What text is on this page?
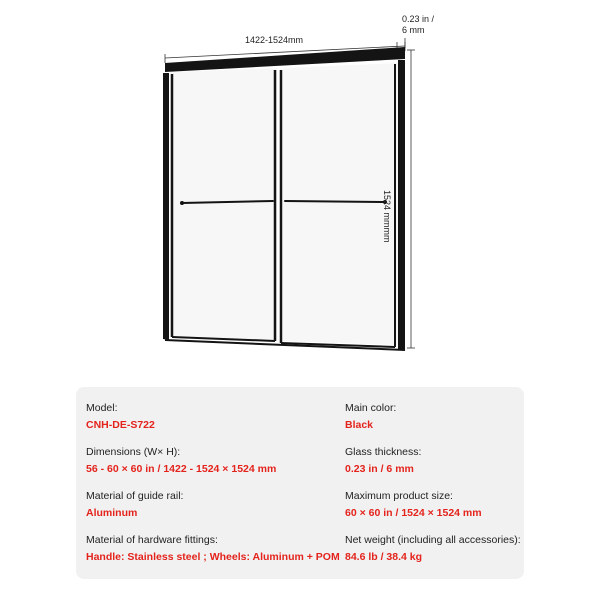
1422-1524mm
0.23 in /
6 mm
1524 mmmm
Model:
CNH-DE-S722
Dimensions (W× H):
56 - 60 × 60 in / 1422 - 1524 × 1524 mm
Material of guide rail:
Aluminum
Material of hardware fittings:
Handle: Stainless steel ; Wheels: Aluminum + POM
Main color:
Black
Glass thickness:
0.23 in / 6 mm
Maximum product size:
60 × 60 in / 1524 × 1524 mm
Net weight (including all accessories):
84.6 lb / 38.4 kg
